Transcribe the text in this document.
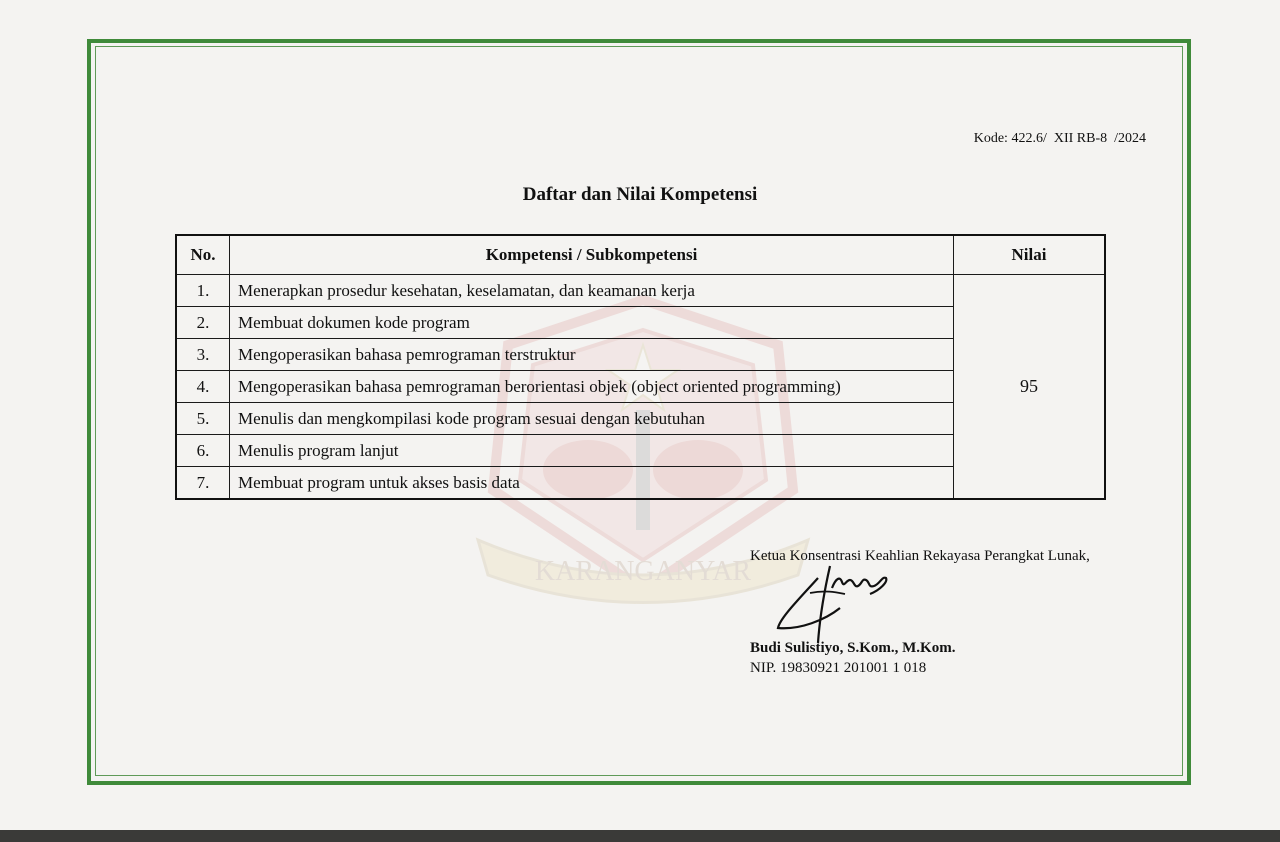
KARANGANYAR
Kode: 422.6/  XII RB-8  /2024
Daftar dan Nilai Kompetensi
No.	Kompetensi / Subkompetensi	Nilai
1.	Menerapkan prosedur kesehatan, keselamatan, dan keamanan kerja	95
2.	Membuat dokumen kode program	
3.	Mengoperasikan bahasa pemrograman terstruktur	
4.	Mengoperasikan bahasa pemrograman berorientasi objek (object oriented programming)	
5.	Menulis dan mengkompilasi kode program sesuai dengan kebutuhan	
6.	Menulis program lanjut	
7.	Membuat program untuk akses basis data	
Ketua Konsentrasi Keahlian Rekayasa Perangkat Lunak,
Budi Sulistiyo, S.Kom., M.Kom.
NIP. 19830921 201001 1 018
